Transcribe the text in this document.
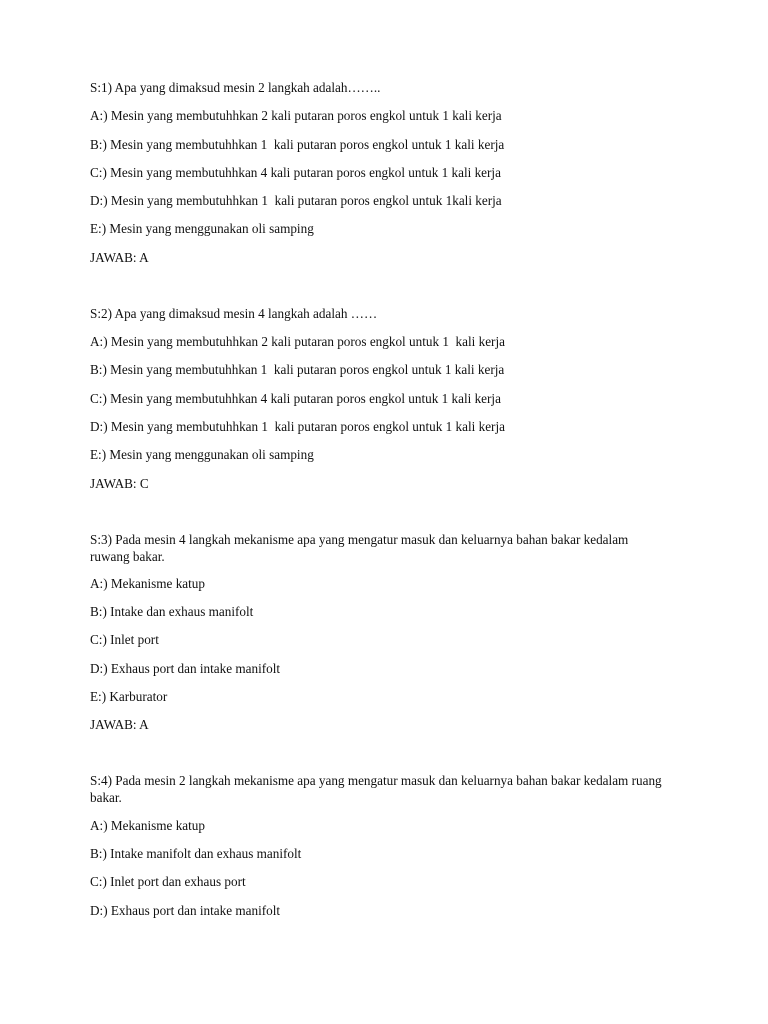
S:1) Apa yang dimaksud mesin 2 langkah adalah……..

A:) Mesin yang membutuhhkan 2 kali putaran poros engkol untuk 1 kali kerja

B:) Mesin yang membutuhhkan 1  kali putaran poros engkol untuk 1 kali kerja

C:) Mesin yang membutuhhkan 4 kali putaran poros engkol untuk 1 kali kerja

D:) Mesin yang membutuhhkan 1  kali putaran poros engkol untuk 1kali kerja

E:) Mesin yang menggunakan oli samping

JAWAB: A

S:2) Apa yang dimaksud mesin 4 langkah adalah ……

A:) Mesin yang membutuhhkan 2 kali putaran poros engkol untuk 1  kali kerja

B:) Mesin yang membutuhhkan 1  kali putaran poros engkol untuk 1 kali kerja

C:) Mesin yang membutuhhkan 4 kali putaran poros engkol untuk 1 kali kerja

D:) Mesin yang membutuhhkan 1  kali putaran poros engkol untuk 1 kali kerja

E:) Mesin yang menggunakan oli samping

JAWAB: C

S:3) Pada mesin 4 langkah mekanisme apa yang mengatur masuk dan keluarnya bahan bakar kedalam ruwang bakar.

A:) Mekanisme katup

B:) Intake dan exhaus manifolt

C:) Inlet port

D:) Exhaus port dan intake manifolt

E:) Karburator

JAWAB: A

S:4) Pada mesin 2 langkah mekanisme apa yang mengatur masuk dan keluarnya bahan bakar kedalam ruang bakar.

A:) Mekanisme katup

B:) Intake manifolt dan exhaus manifolt

C:) Inlet port dan exhaus port

D:) Exhaus port dan intake manifolt
